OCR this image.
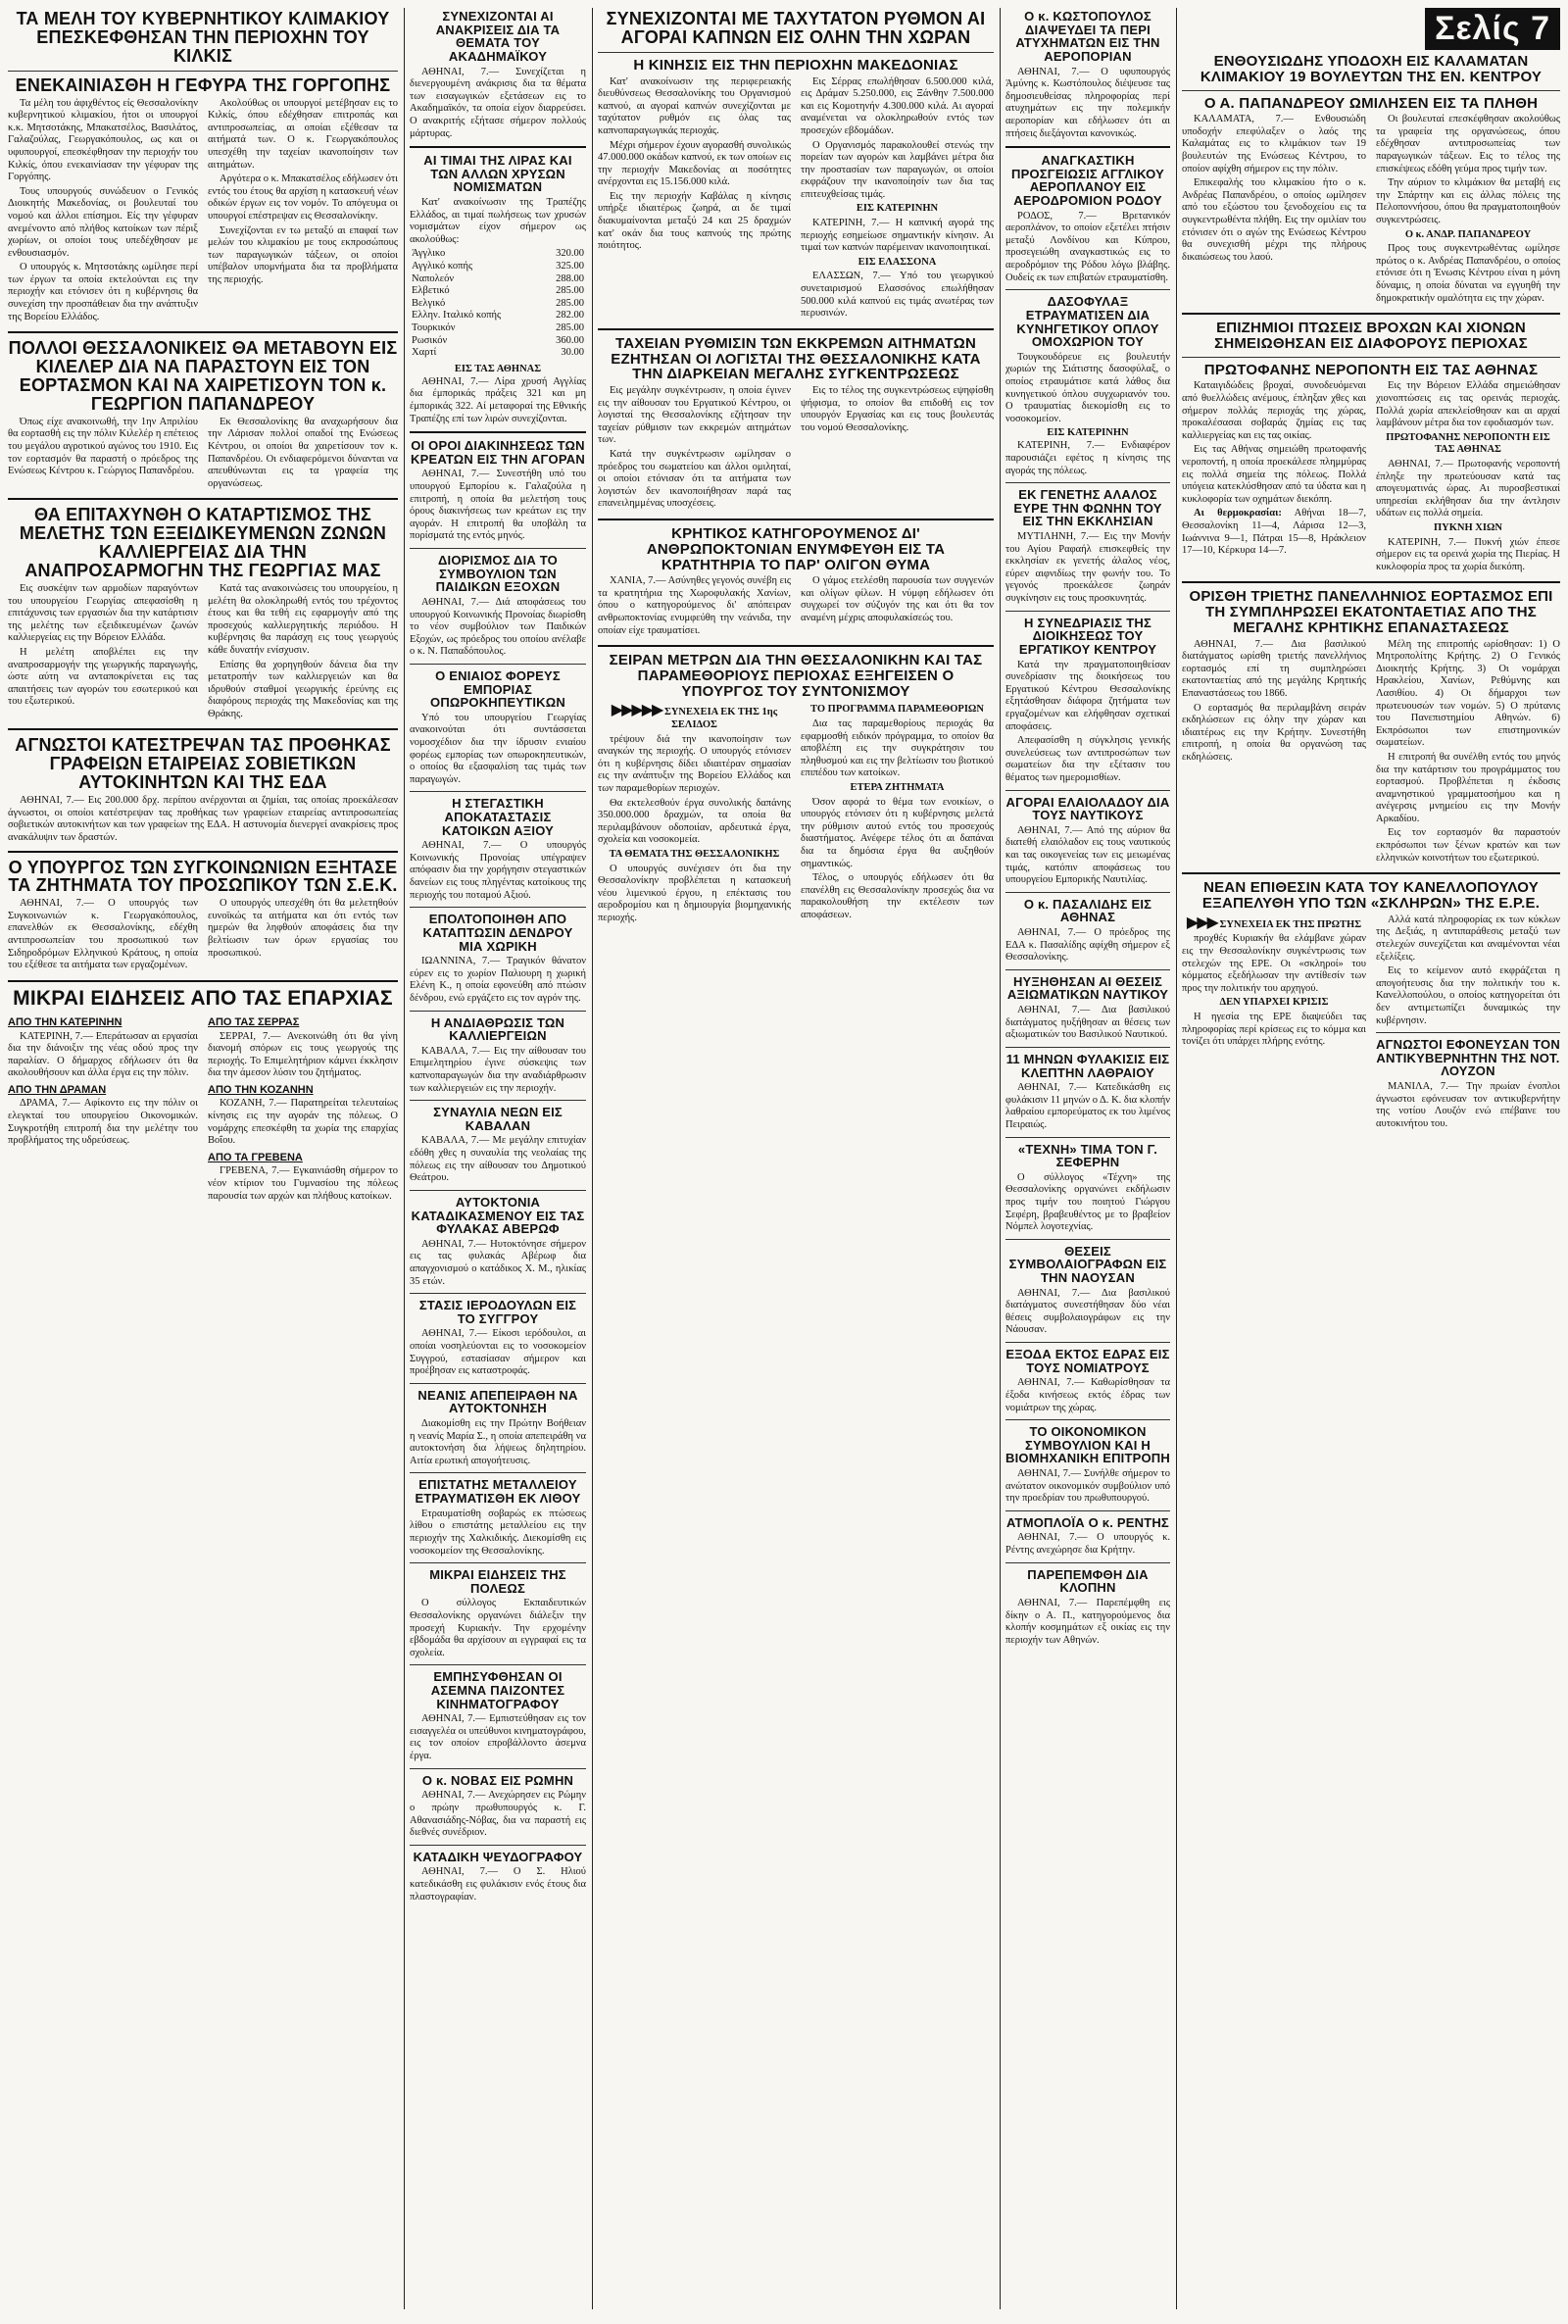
ΤΑ ΜΕΛΗ ΤΟΥ ΚΥΒΕΡΝΗΤΙΚΟΥ ΚΛΙΜΑΚΙΟΥ ΕΠΕΣΚΕΦΘΗΣΑΝ ΤΗΝ ΠΕΡΙΟΧΗΝ ΤΟΥ ΚΙΛΚΙΣ
ΕΝΕΚΑΙΝΙΑΣΘΗ Η ΓΕΦΥΡΑ ΤΗΣ ΓΟΡΓΟΠΗΣ

Τα μέλη του άφιχθέντος είς Θεσσαλονίκην κυβερνητικού κλιμακίου, ήτοι οι υπουργοί κ.κ. Μητσοτάκης, Μπακατσέλος, Βασιλάτος, Γαλαζούλας, Γεωργακόπουλος, ως και οι υφυπουργοί, επεσκέφθησαν την περιοχήν του Κιλκίς, όπου ενεκαινίασαν την γέφυραν της Γοργόπης.

Τους υπουργούς συνώδευον ο Γενικός Διοικητής Μακεδονίας, οι βουλευταί του νομού και άλλοι επίσημοι. Είς την γέφυραν ανεμένοντο από πλήθος κατοίκων των πέριξ χωρίων, οι οποίοι τους υπεδέχθησαν με ενθουσιασμόν.

Ο υπουργός κ. Μητσοτάκης ωμίλησε περί των έργων τα οποία εκτελούνται εις την περιοχήν και ετόνισεν ότι η κυβέρνησις θα συνεχίση την προσπάθειαν δια την ανάπτυξιν της Βορείου Ελλάδος.

Ακολούθως οι υπουργοί μετέβησαν εις το Κιλκίς, όπου εδέχθησαν επιτροπάς και αντιπροσωπείας, αι οποίαι εξέθεσαν τα αιτήματά των. Ο κ. Γεωργακόπουλος υπεσχέθη την ταχείαν ικανοποίησιν των αιτημάτων.

Αργότερα ο κ. Μπακατσέλος εδήλωσεν ότι εντός του έτους θα αρχίση η κατασκευή νέων οδικών έργων εις τον νομόν. Το απόγευμα οι υπουργοί επέστρεψαν εις Θεσσαλονίκην.

Συνεχίζονται εν τω μεταξύ αι επαφαί των μελών του κλιμακίου με τους εκπροσώπους των παραγωγικών τάξεων, οι οποίοι υπέβαλον υπομνήματα δια τα προβλήματα της περιοχής.

ΠΟΛΛΟΙ ΘΕΣΣΑΛΟΝΙΚΕΙΣ ΘΑ ΜΕΤΑΒΟΥΝ ΕΙΣ ΚΙΛΕΛΕΡ ΔΙΑ ΝΑ ΠΑΡΑΣΤΟΥΝ ΕΙΣ ΤΟΝ ΕΟΡΤΑΣΜΟΝ ΚΑΙ ΝΑ ΧΑΙΡΕΤΙΣΟΥΝ ΤΟΝ κ. ΓΕΩΡΓΙΟΝ ΠΑΠΑΝΔΡΕΟΥ

Όπως είχε ανακοινωθή, την 1ην Απριλίου θα εορτασθή εις την πόλιν Κιλελέρ η επέτειος του μεγάλου αγροτικού αγώνος του 1910. Εις τον εορτασμόν θα παραστή ο πρόεδρος της Ενώσεως Κέντρου κ. Γεώργιος Παπανδρέου.

Εκ Θεσσαλονίκης θα αναχωρήσουν δια την Λάρισαν πολλοί οπαδοί της Ενώσεως Κέντρου, οι οποίοι θα χαιρετίσουν τον κ. Παπανδρέου. Οι ενδιαφερόμενοι δύνανται να απευθύνωνται εις τα γραφεία της οργανώσεως.

ΘΑ ΕΠΙΤΑΧΥΝΘΗ Ο ΚΑΤΑΡΤΙΣΜΟΣ ΤΗΣ ΜΕΛΕΤΗΣ ΤΩΝ ΕΞΕΙΔΙΚΕΥΜΕΝΩΝ ΖΩΝΩΝ ΚΑΛΛΙΕΡΓΕΙΑΣ ΔΙΑ ΤΗΝ ΑΝΑΠΡΟΣΑΡΜΟΓΗΝ ΤΗΣ ΓΕΩΡΓΙΑΣ ΜΑΣ

Εις συσκέψιν των αρμοδίων παραγόντων του υπουργείου Γεωργίας απεφασίσθη η επιτάχυνσις των εργασιών δια την κατάρτισιν της μελέτης των εξειδικευμένων ζωνών καλλιεργείας εις την Βόρειον Ελλάδα.

Η μελέτη αποβλέπει εις την αναπροσαρμογήν της γεωργικής παραγωγής, ώστε αύτη να ανταποκρίνεται εις τας απαιτήσεις των αγορών του εσωτερικού και του εξωτερικού.

Κατά τας ανακοινώσεις του υπουργείου, η μελέτη θα ολοκληρωθή εντός του τρέχοντος έτους και θα τεθή εις εφαρμογήν από της προσεχούς καλλιεργητικής περιόδου. Η κυβέρνησις θα παράσχη εις τους γεωργούς κάθε δυνατήν ενίσχυσιν.

Επίσης θα χορηγηθούν δάνεια δια την μετατροπήν των καλλιεργειών και θα ιδρυθούν σταθμοί γεωργικής έρεύνης εις διαφόρους περιοχάς της Μακεδονίας και της Θράκης.

ΑΓΝΩΣΤΟΙ ΚΑΤΕΣΤΡΕΨΑΝ ΤΑΣ ΠΡΟΘΗΚΑΣ ΓΡΑΦΕΙΩΝ ΕΤΑΙΡΕΙΑΣ ΣΟΒΙΕΤΙΚΩΝ ΑΥΤΟΚΙΝΗΤΩΝ ΚΑΙ ΤΗΣ ΕΔΑ

ΑΘΗΝΑΙ, 7.— Εις 200.000 δρχ. περίπου ανέρχονται αι ζημίαι, τας οποίας προεκάλεσαν άγνωστοι, οι οποίοι κατέστρεψαν τας προθήκας των γραφείων εταιρείας αντιπροσωπείας σοβιετικών αυτοκινήτων και των γραφείων της ΕΔΑ. Η αστυνομία διενεργεί ανακρίσεις προς ανακάλυψιν των δραστών.

Ο ΥΠΟΥΡΓΟΣ ΤΩΝ ΣΥΓΚΟΙΝΩΝΙΩΝ ΕΞΗΤΑΣΕ ΤΑ ΖΗΤΗΜΑΤΑ ΤΟΥ ΠΡΟΣΩΠΙΚΟΥ ΤΩΝ Σ.Ε.Κ.

ΑΘΗΝΑΙ, 7.— Ο υπουργός των Συγκοινωνιών κ. Γεωργακόπουλος, επανελθών εκ Θεσσαλονίκης, εδέχθη αντιπροσωπείαν του προσωπικού των Σιδηροδρόμων Ελληνικού Κράτους, η οποία του εξέθεσε τα αιτήματα των εργαζομένων.

Ο υπουργός υπεσχέθη ότι θα μελετηθούν ευνοϊκώς τα αιτήματα και ότι εντός των ημερών θα ληφθούν αποφάσεις δια την βελτίωσιν των όρων εργασίας του προσωπικού.

ΜΙΚΡΑΙ ΕΙΔΗΣΕΙΣ ΑΠΟ ΤΑΣ ΕΠΑΡΧΙΑΣ
ΑΠΟ ΤΗΝ ΚΑΤΕΡΙΝΗΝ

ΚΑΤΕΡΙΝΗ, 7.— Επεράτωσαν αι εργασίαι δια την διάνοιξιν της νέας οδού προς την παραλίαν. Ο δήμαρχος εδήλωσεν ότι θα ακολουθήσουν και άλλα έργα εις την πόλιν.

ΑΠΟ ΤΗΝ ΔΡΑΜΑΝ

ΔΡΑΜΑ, 7.— Αφίκοντο εις την πόλιν οι ελεγκταί του υπουργείου Οικονομικών. Συγκροτήθη επιτροπή δια την μελέτην του προβλήματος της υδρεύσεως.

ΑΠΟ ΤΑΣ ΣΕΡΡΑΣ

ΣΕΡΡΑΙ, 7.— Ανεκοινώθη ότι θα γίνη διανομή σπόρων εις τους γεωργούς της περιοχής. Το Επιμελητήριον κάμνει έκκλησιν δια την άμεσον λύσιν του ζητήματος.

ΑΠΟ ΤΗΝ ΚΟΖΑΝΗΝ

ΚΟΖΑΝΗ, 7.— Παρατηρείται τελευταίως κίνησις εις την αγοράν της πόλεως. Ο νομάρχης επεσκέφθη τα χωρία της επαρχίας Βοΐου.

ΑΠΟ ΤΑ ΓΡΕΒΕΝΑ

ΓΡΕΒΕΝΑ, 7.— Εγκαινιάσθη σήμερον το νέον κτίριον του Γυμνασίου της πόλεως παρουσία των αρχών και πλήθους κατοίκων.

ΣΥΝΕΧΙΖΟΝΤΑΙ ΑΙ ΑΝΑΚΡΙΣΕΙΣ ΔΙΑ ΤΑ ΘΕΜΑΤΑ ΤΟΥ ΑΚΑΔΗΜΑΪΚΟΥ

ΑΘΗΝΑΙ, 7.— Συνεχίζεται η διενεργουμένη ανάκρισις δια τα θέματα των εισαγωγικών εξετάσεων εις το Ακαδημαϊκόν, τα οποία είχον διαρρεύσει. Ο ανακριτής εξήτασε σήμερον πολλούς μάρτυρας.

ΑΙ ΤΙΜΑΙ ΤΗΣ ΛΙΡΑΣ ΚΑΙ ΤΩΝ ΑΛΛΩΝ ΧΡΥΣΩΝ ΝΟΜΙΣΜΑΤΩΝ

Κατ' ανακοίνωσιν της Τραπέζης Ελλάδος, αι τιμαί πωλήσεως των χρυσών νομισμάτων είχον σήμερον ως ακολούθως:

Άγγλικο	320.00
Αγγλικό κοπής	325.00
Ναπολεόν	288.00
Ελβετικό	285.00
Βελγικό	285.00
Ελλην. Ιταλικό κοπής	282.00
Τουρκικόν	285.00
Ρωσικόν	360.00
Χαρτί	30.00
ΕΙΣ ΤΑΣ ΑΘΗΝΑΣ

ΑΘΗΝΑΙ, 7.— Λίρα χρυσή Αγγλίας δια έμπορικάς πράξεις 321 και μη έμπορικάς 322. Αί μεταφοραί της Εθνικής Τραπέζης επί των λιρών συνεχίζονται.

ΟΙ ΟΡΟΙ ΔΙΑΚΙΝΗΣΕΩΣ ΤΩΝ ΚΡΕΑΤΩΝ ΕΙΣ ΤΗΝ ΑΓΟΡΑΝ

ΑΘΗΝΑΙ, 7.— Συνεστήθη υπό του υπουργού Εμπορίου κ. Γαλαζούλα η επιτροπή, η οποία θα μελετήση τους όρους διακινήσεως των κρεάτων εις την αγοράν. Η επιτροπή θα υποβάλη τα πορίσματά της εντός μηνός.

ΔΙΟΡΙΣΜΟΣ ΔΙΑ ΤΟ ΣΥΜΒΟΥΛΙΟΝ ΤΩΝ ΠΑΙΔΙΚΩΝ ΕΞΟΧΩΝ

ΑΘΗΝΑΙ, 7.— Διά αποφάσεως του υπουργού Κοινωνικής Προνοίας διωρίσθη το νέον συμβούλιον των Παιδικών Εξοχών, ως πρόεδρος του οποίου ανέλαβε ο κ. Ν. Παπαδόπουλος.

Ο ΕΝΙΑΙΟΣ ΦΟΡΕΥΣ ΕΜΠΟΡΙΑΣ ΟΠΩΡΟΚΗΠΕΥΤΙΚΩΝ

Υπό του υπουργείου Γεωργίας ανακοινούται ότι συντάσσεται νομοσχέδιον δια την ίδρυσιν ενιαίου φορέως εμπορίας των οπωροκηπευτικών, ο οποίος θα εξασφαλίση τας τιμάς των παραγωγών.

Η ΣΤΕΓΑΣΤΙΚΗ ΑΠΟΚΑΤΑΣΤΑΣΙΣ ΚΑΤΟΙΚΩΝ ΑΞΙΟΥ

ΑΘΗΝΑΙ, 7.— Ο υπουργός Κοινωνικής Προνοίας υπέγραψεν απόφασιν δια την χορήγησιν στεγαστικών δανείων εις τους πληγέντας κατοίκους της περιοχής του ποταμού Αξιού.

ΕΠΟΛΤΟΠΟΙΗΘΗ ΑΠΟ ΚΑΤΑΠΤΩΣΙΝ ΔΕΝΔΡΟΥ ΜΙΑ ΧΩΡΙΚΗ

ΙΩΑΝΝΙΝΑ, 7.— Τραγικόν θάνατον εύρεν εις το χωρίον Παλιουρη η χωρική Ελένη Κ., η οποία εφονεύθη από πτώσιν δένδρου, ενώ εργάζετο εις τον αγρόν της.

Η ΑΝΔΙΑΘΡΩΣΙΣ ΤΩΝ ΚΑΛΛΙΕΡΓΕΙΩΝ

ΚΑΒΑΛΑ, 7.— Εις την αίθουσαν του Επιμελητηρίου έγινε σύσκεψις των καπνοπαραγωγών δια την αναδιάρθρωσιν των καλλιεργειών εις την περιοχήν.

ΣΥΝΑΥΛΙΑ ΝΕΩΝ ΕΙΣ ΚΑΒΑΛΑΝ

ΚΑΒΑΛΑ, 7.— Με μεγάλην επιτυχίαν εδόθη χθες η συναυλία της νεολαίας της πόλεως εις την αίθουσαν του Δημοτικού Θεάτρου.

ΑΥΤΟΚΤΟΝΙΑ ΚΑΤΑΔΙΚΑΣΜΕΝΟΥ ΕΙΣ ΤΑΣ ΦΥΛΑΚΑΣ ΑΒΕΡΩΦ

ΑΘΗΝΑΙ, 7.— Ηυτοκτόνησε σήμερον εις τας φυλακάς Αβέρωφ δια απαγχονισμού ο κατάδικος Χ. Μ., ηλικίας 35 ετών.

ΣΤΑΣΙΣ ΙΕΡΟΔΟΥΛΩΝ ΕΙΣ ΤΟ ΣΥΓΓΡΟΥ

ΑΘΗΝΑΙ, 7.— Είκοσι ιερόδουλοι, αι οποίαι νοσηλεύονται εις το νοσοκομείον Συγγρού, εστασίασαν σήμερον και προέβησαν εις καταστροφάς.

ΝΕΑΝΙΣ ΑΠΕΠΕΙΡΑΘΗ ΝΑ ΑΥΤΟΚΤΟΝΗΣΗ

Διακομίσθη εις την Πρώτην Βοήθειαν η νεανίς Μαρία Σ., η οποία απεπειράθη να αυτοκτονήση δια λήψεως δηλητηρίου. Αιτία ερωτική απογοήτευσις.

ΕΠΙΣΤΑΤΗΣ ΜΕΤΑΛΛΕΙΟΥ ΕΤΡΑΥΜΑΤΙΣΘΗ ΕΚ ΛΙΘΟΥ

Ετραυματίσθη σοβαρώς εκ πτώσεως λίθου ο επιστάτης μεταλλείου εις την περιοχήν της Χαλκιδικής. Διεκομίσθη εις νοσοκομείον της Θεσσαλονίκης.

ΜΙΚΡΑΙ ΕΙΔΗΣΕΙΣ ΤΗΣ ΠΟΛΕΩΣ

Ο σύλλογος Εκπαιδευτικών Θεσσαλονίκης οργανώνει διάλεξιν την προσεχή Κυριακήν. Την ερχομένην εβδομάδα θα αρχίσουν αι εγγραφαί εις τα σχολεία.

ΕΜΠΗΣΥΦΘΗΣΑΝ ΟΙ ΑΣΕΜΝΑ ΠΑΙΖΟΝΤΕΣ ΚΙΝΗΜΑΤΟΓΡΑΦΟΥ

ΑΘΗΝΑΙ, 7.— Εμπιστεύθησαν εις τον εισαγγελέα οι υπεύθυνοι κινηματογράφου, εις τον οποίον επροβάλλοντο άσεμνα έργα.

Ο κ. ΝΟΒΑΣ ΕΙΣ ΡΩΜΗΝ

ΑΘΗΝΑΙ, 7.— Ανεχώρησεν εις Ρώμην ο πρώην πρωθυπουργός κ. Γ. Αθανασιάδης-Νόβας, δια να παραστή εις διεθνές συνέδριον.

ΚΑΤΑΔΙΚΗ ΨΕΥΔΟΓΡΑΦΟΥ

ΑΘΗΝΑΙ, 7.— Ο Σ. Ηλιού κατεδικάσθη εις φυλάκισιν ενός έτους δια πλαστογραφίαν.

ΣΥΝΕΧΙΖΟΝΤΑΙ ΜΕ ΤΑΧΥΤΑΤΟΝ ΡΥΘΜΟΝ ΑΙ ΑΓΟΡΑΙ ΚΑΠΝΩΝ ΕΙΣ ΟΛΗΝ ΤΗΝ ΧΩΡΑΝ
Η ΚΙΝΗΣΙΣ ΕΙΣ ΤΗΝ ΠΕΡΙΟΧΗΝ ΜΑΚΕΔΟΝΙΑΣ

Κατ' ανακοίνωσιν της περιφερειακής διευθύνσεως Θεσσαλονίκης του Οργανισμού καπνού, αι αγοραί καπνών συνεχίζονται με ταχύτατον ρυθμόν εις όλας τας καπνοπαραγωγικάς περιοχάς.

Μέχρι σήμερον έχουν αγορασθή συνολικώς 47.000.000 οκάδων καπνού, εκ των οποίων εις την περιοχήν Μακεδονίας αι ποσότητες ανέρχονται εις 15.156.000 κιλά.

Εις την περιοχήν Καβάλας η κίνησις υπήρξε ιδιαιτέρως ζωηρά, αι δε τιμαί διακυμαίνονται μεταξύ 24 και 25 δραχμών κατ' οκάν δια τους καπνούς της πρώτης ποιότητος.

Εις Σέρρας επωλήθησαν 6.500.000 κιλά, εις Δράμαν 5.250.000, εις Ξάνθην 7.500.000 και εις Κομοτηνήν 4.300.000 κιλά. Αι αγοραί αναμένεται να ολοκληρωθούν εντός των προσεχών εβδομάδων.

Ο Οργανισμός παρακολουθεί στενώς την πορείαν των αγορών και λαμβάνει μέτρα δια την προστασίαν των παραγωγών, οι οποίοι εκφράζουν την ικανοποίησίν των δια τας επιτευχθείσας τιμάς.

ΕΙΣ ΚΑΤΕΡΙΝΗΝ

ΚΑΤΕΡΙΝΗ, 7.— Η καπνική αγορά της περιοχής εσημείωσε σημαντικήν κίνησιν. Αι τιμαί των καπνών παρέμειναν ικανοποιητικαί.

ΕΙΣ ΕΛΑΣΣΟΝΑ

ΕΛΑΣΣΩΝ, 7.— Υπό του γεωργικού συνεταιρισμού Ελασσόνος επωλήθησαν 500.000 κιλά καπνού εις τιμάς ανωτέρας των περυσινών.

ΤΑΧΕΙΑΝ ΡΥΘΜΙΣΙΝ ΤΩΝ ΕΚΚΡΕΜΩΝ ΑΙΤΗΜΑΤΩΝ ΕΖΗΤΗΣΑΝ ΟΙ ΛΟΓΙΣΤΑΙ ΤΗΣ ΘΕΣΣΑΛΟΝΙΚΗΣ ΚΑΤΑ ΤΗΝ ΔΙΑΡΚΕΙΑΝ ΜΕΓΑΛΗΣ ΣΥΓΚΕΝΤΡΩΣΕΩΣ

Εις μεγάλην συγκέντρωσιν, η οποία έγινεν εις την αίθουσαν του Εργατικού Κέντρου, οι λογισταί της Θεσσαλονίκης εζήτησαν την ταχείαν ρύθμισιν των εκκρεμών αιτημάτων των.

Κατά την συγκέντρωσιν ωμίλησαν ο πρόεδρος του σωματείου και άλλοι ομιληταί, οι οποίοι ετόνισαν ότι τα αιτήματα των λογιστών δεν ικανοποιήθησαν παρά τας επανειλημμένας υποσχέσεις.

Εις το τέλος της συγκεντρώσεως εψηφίσθη ψήφισμα, το οποίον θα επιδοθή εις τον υπουργόν Εργασίας και εις τους βουλευτάς του νομού Θεσσαλονίκης.

ΚΡΗΤΙΚΟΣ ΚΑΤΗΓΟΡΟΥΜΕΝΟΣ ΔΙ' ΑΝΘΡΩΠΟΚΤΟΝΙΑΝ ΕΝΥΜΦΕΥΘΗ ΕΙΣ ΤΑ ΚΡΑΤΗΤΗΡΙΑ ΤΟ ΠΑΡ' ΟΛΙΓΟΝ ΘΥΜΑ

ΧΑΝΙΑ, 7.— Ασύνηθες γεγονός συνέβη εις τα κρατητήρια της Χωροφυλακής Χανίων, όπου ο κατηγορούμενος δι' απόπειραν ανθρωποκτονίας ενυμφεύθη την νεάνιδα, την οποίαν είχε τραυματίσει.

Ο γάμος ετελέσθη παρουσία των συγγενών και ολίγων φίλων. Η νύμφη εδήλωσεν ότι συγχωρεί τον σύζυγόν της και ότι θα τον αναμένη μέχρις αποφυλακίσεώς του.

ΣΕΙΡΑΝ ΜΕΤΡΩΝ ΔΙΑ ΤΗΝ ΘΕΣΣΑΛΟΝΙΚΗΝ ΚΑΙ ΤΑΣ ΠΑΡΑΜΕΘΟΡΙΟΥΣ ΠΕΡΙΟΧΑΣ ΕΞΗΓΕΙΣΕΝ Ο ΥΠΟΥΡΓΟΣ ΤΟΥ ΣΥΝΤΟΝΙΣΜΟΥ
▶▶▶▶▶ ΣΥΝΕΧΕΙΑ ΕΚ ΤΗΣ 1ης ΣΕΛΙΔΟΣ

τρέψουν διά την ικανοποίησιν των αναγκών της περιοχής. Ο υπουργός ετόνισεν ότι η κυβέρνησις δίδει ιδιαιτέραν σημασίαν εις την ανάπτυξιν της Βορείου Ελλάδος και των παραμεθορίων περιοχών.

Θα εκτελεσθούν έργα συνολικής δαπάνης 350.000.000 δραχμών, τα οποία θα περιλαμβάνουν οδοποιίαν, αρδευτικά έργα, σχολεία και νοσοκομεία.

ΤΑ ΘΕΜΑΤΑ ΤΗΣ ΘΕΣΣΑΛΟΝΙΚΗΣ

Ο υπουργός συνέχισεν ότι δια την Θεσσαλονίκην προβλέπεται η κατασκευή νέου λιμενικού έργου, η επέκτασις του αεροδρομίου και η δημιουργία βιομηχανικής περιοχής.

ΤΟ ΠΡΟΓΡΑΜΜΑ ΠΑΡΑΜΕΘΟΡΙΩΝ

Δια τας παραμεθορίους περιοχάς θα εφαρμοσθή ειδικόν πρόγραμμα, το οποίον θα αποβλέπη εις την συγκράτησιν του πληθυσμού και εις την βελτίωσιν του βιοτικού επιπέδου των κατοίκων.

ΕΤΕΡΑ ΖΗΤΗΜΑΤΑ

Όσον αφορά το θέμα των ενοικίων, ο υπουργός ετόνισεν ότι η κυβέρνησις μελετά την ρύθμισιν αυτού εντός του προσεχούς διαστήματος. Ανέφερε τέλος ότι αι δαπάναι δια τα δημόσια έργα θα αυξηθούν σημαντικώς.

Τέλος, ο υπουργός εδήλωσεν ότι θα επανέλθη εις Θεσσαλονίκην προσεχώς δια να παρακολουθήση την εκτέλεσιν των αποφάσεων.

Ο κ. ΚΩΣΤΟΠΟΥΛΟΣ ΔΙΑΨΕΥΔΕΙ ΤΑ ΠΕΡΙ ΑΤΥΧΗΜΑΤΩΝ ΕΙΣ ΤΗΝ ΑΕΡΟΠΟΡΙΑΝ

ΑΘΗΝΑΙ, 7.— Ο υφυπουργός Άμύνης κ. Κωστόπουλος διέψευσε τας δημοσιευθείσας πληροφορίας περί ατυχημάτων εις την πολεμικήν αεροπορίαν και εδήλωσεν ότι αι πτήσεις διεξάγονται κανονικώς.

ΑΝΑΓΚΑΣΤΙΚΗ ΠΡΟΣΓΕΙΩΣΙΣ ΑΓΓΛΙΚΟΥ ΑΕΡΟΠΛΑΝΟΥ ΕΙΣ ΑΕΡΟΔΡΟΜΙΟΝ ΡΟΔΟΥ

ΡΟΔΟΣ, 7.— Βρετανικόν αεροπλάνον, το οποίον εξετέλει πτήσιν μεταξύ Λονδίνου και Κύπρου, προσεγειώθη αναγκαστικώς εις το αεροδρόμιον της Ρόδου λόγω βλάβης. Ουδείς εκ των επιβατών ετραυματίσθη.

ΔΑΣΟΦΥΛΑΞ ΕΤΡΑΥΜΑΤΙΣΕΝ ΔΙΑ ΚΥΝΗΓΕΤΙΚΟΥ ΟΠΛΟΥ ΟΜΟΧΩΡΙΟΝ ΤΟΥ

Τουγκουδόρευε εις βουλευτήν χωριών της Σιάτιστης δασοφύλαξ, ο οποίος ετραυμάτισε κατά λάθος δια κυνηγετικού όπλου συγχωριανόν του. Ο τραυματίας διεκομίσθη εις το νοσοκομείον.

ΕΙΣ ΚΑΤΕΡΙΝΗΝ

ΚΑΤΕΡΙΝΗ, 7.— Ενδιαφέρον παρουσιάζει εφέτος η κίνησις της αγοράς της πόλεως.

ΕΚ ΓΕΝΕΤΗΣ ΑΛΑΛΟΣ ΕΥΡΕ ΤΗΝ ΦΩΝΗΝ ΤΟΥ ΕΙΣ ΤΗΝ ΕΚΚΛΗΣΙΑΝ

ΜΥΤΙΛΗΝΗ, 7.— Εις την Μονήν του Αγίου Ραφαήλ επισκεφθείς την εκκλησίαν εκ γενετής άλαλος νέος, εύρεν αιφνιδίως την φωνήν του. Το γεγονός προεκάλεσε ζωηράν συγκίνησιν εις τους προσκυνητάς.

Η ΣΥΝΕΔΡΙΑΣΙΣ ΤΗΣ ΔΙΟΙΚΗΣΕΩΣ ΤΟΥ ΕΡΓΑΤΙΚΟΥ ΚΕΝΤΡΟΥ

Κατά την πραγματοποιηθείσαν συνεδρίασιν της διοικήσεως του Εργατικού Κέντρου Θεσσαλονίκης εξητάσθησαν διάφορα ζητήματα των εργαζομένων και ελήφθησαν σχετικαί αποφάσεις.

Απεφασίσθη η σύγκλησις γενικής συνελεύσεως των αντιπροσώπων των σωματείων δια την εξέτασιν του θέματος των ημερομισθίων.

ΑΓΟΡΑΙ ΕΛΑΙΟΛΑΔΟΥ ΔΙΑ ΤΟΥΣ ΝΑΥΤΙΚΟΥΣ

ΑΘΗΝΑΙ, 7.— Από της αύριον θα διατεθή ελαιόλαδον εις τους ναυτικούς και τας οικογενείας των εις μειωμένας τιμάς, κατόπιν αποφάσεως του υπουργείου Εμπορικής Ναυτιλίας.

Ο κ. ΠΑΣΑΛΙΔΗΣ ΕΙΣ ΑΘΗΝΑΣ

ΑΘΗΝΑΙ, 7.— Ο πρόεδρος της ΕΔΑ κ. Πασαλίδης αφίχθη σήμερον εξ Θεσσαλονίκης.

ΗΥΞΗΘΗΣΑΝ ΑΙ ΘΕΣΕΙΣ ΑΞΙΩΜΑΤΙΚΩΝ ΝΑΥΤΙΚΟΥ

ΑΘΗΝΑΙ, 7.— Δια βασιλικού διατάγματος ηυξήθησαν αι θέσεις των αξιωματικών του Βασιλικού Ναυτικού.

11 ΜΗΝΩΝ ΦΥΛΑΚΙΣΙΣ ΕΙΣ ΚΛΕΠΤΗΝ ΛΑΘΡΑΙΟΥ

ΑΘΗΝΑΙ, 7.— Κατεδικάσθη εις φυλάκισιν 11 μηνών ο Δ. Κ. δια κλοπήν λαθραίου εμπορεύματος εκ του λιμένος Πειραιώς.

«ΤΕΧΝΗ» ΤΙΜΑ ΤΟΝ Γ. ΣΕΦΕΡΗΝ

Ο σύλλογος «Τέχνη» της Θεσσαλονίκης οργανώνει εκδήλωσιν προς τιμήν του ποιητού Γιώργου Σεφέρη, βραβευθέντος με το βραβείον Νόμπελ λογοτεχνίας.

ΘΕΣΕΙΣ ΣΥΜΒΟΛΑΙΟΓΡΑΦΩΝ ΕΙΣ ΤΗΝ ΝΑΟΥΣΑΝ

ΑΘΗΝΑΙ, 7.— Δια βασιλικού διατάγματος συνεστήθησαν δύο νέαι θέσεις συμβολαιογράφων εις την Νάουσαν.

ΕΞΟΔΑ ΕΚΤΟΣ ΕΔΡΑΣ ΕΙΣ ΤΟΥΣ ΝΟΜΙΑΤΡΟΥΣ

ΑΘΗΝΑΙ, 7.— Καθωρίσθησαν τα έξοδα κινήσεως εκτός έδρας των νομιάτρων της χώρας.

ΤΟ ΟΙΚΟΝΟΜΙΚΟΝ ΣΥΜΒΟΥΛΙΟΝ ΚΑΙ Η ΒΙΟΜΗΧΑΝΙΚΗ ΕΠΙΤΡΟΠΗ

ΑΘΗΝΑΙ, 7.— Συνήλθε σήμερον το ανώτατον οικονομικόν συμβούλιον υπό την προεδρίαν του πρωθυπουργού.

ΑΤΜΟΠΛΟΪΑ Ο κ. ΡΕΝΤΗΣ

ΑΘΗΝΑΙ, 7.— Ο υπουργός κ. Ρέντης ανεχώρησε δια Κρήτην.

ΠΑΡΕΠΕΜΦΘΗ ΔΙΑ ΚΛΟΠΗΝ

ΑΘΗΝΑΙ, 7.— Παρεπέμφθη εις δίκην ο Α. Π., κατηγορούμενος δια κλοπήν κοσμημάτων εξ οικίας εις την περιοχήν των Αθηνών.

Σελίς 7
ΕΝΘΟΥΣΙΩΔΗΣ ΥΠΟΔΟΧΗ ΕΙΣ ΚΑΛΑΜΑΤΑΝ ΚΛΙΜΑΚΙΟΥ 19 ΒΟΥΛΕΥΤΩΝ ΤΗΣ ΕΝ. ΚΕΝΤΡΟΥ
Ο Α. ΠΑΠΑΝΔΡΕΟΥ ΩΜΙΛΗΣΕΝ ΕΙΣ ΤΑ ΠΛΗΘΗ

ΚΑΛΑΜΑΤΑ, 7.— Ενθουσιώδη υποδοχήν επεφύλαξεν ο λαός της Καλαμάτας εις το κλιμάκιον των 19 βουλευτών της Ενώσεως Κέντρου, το οποίον αφίχθη σήμερον εις την πόλιν.

Επικεφαλής του κλιμακίου ήτο ο κ. Ανδρέας Παπανδρέου, ο οποίος ωμίλησεν από του εξώστου του ξενοδοχείου εις τα συγκεντρωθέντα πλήθη. Εις την ομιλίαν του ετόνισεν ότι ο αγών της Ενώσεως Κέντρου θα συνεχισθή μέχρι της πλήρους δικαιώσεως του λαού.

Οι βουλευταί επεσκέφθησαν ακολούθως τα γραφεία της οργανώσεως, όπου εδέχθησαν αντιπροσωπείας των παραγωγικών τάξεων. Εις το τέλος της επισκέψεως εδόθη γεύμα προς τιμήν των.

Την αύριον το κλιμάκιον θα μεταβή εις την Σπάρτην και εις άλλας πόλεις της Πελοποννήσου, όπου θα πραγματοποιηθούν συγκεντρώσεις.

Ο κ. ΑΝΔΡ. ΠΑΠΑΝΔΡΕΟΥ

Προς τους συγκεντρωθέντας ωμίλησε πρώτος ο κ. Ανδρέας Παπανδρέου, ο οποίος ετόνισε ότι η Ένωσις Κέντρου είναι η μόνη δύναμις, η οποία δύναται να εγγυηθή την δημοκρατικήν ομαλότητα εις την χώραν.

ΕΠΙΖΗΜΙΟΙ ΠΤΩΣΕΙΣ ΒΡΟΧΩΝ ΚΑΙ ΧΙΟΝΩΝ ΣΗΜΕΙΩΘΗΣΑΝ ΕΙΣ ΔΙΑΦΟΡΟΥΣ ΠΕΡΙΟΧΑΣ
ΠΡΩΤΟΦΑΝΗΣ ΝΕΡΟΠΟΝΤΗ ΕΙΣ ΤΑΣ ΑΘΗΝΑΣ

Καταιγιδώδεις βροχαί, συνοδευόμεναι από θυελλώδεις ανέμους, έπληξαν χθες και σήμερον πολλάς περιοχάς της χώρας, προκαλέσασαι σοβαράς ζημίας εις τας καλλιεργείας και εις τας οικίας.

Εις τας Αθήνας σημειώθη πρωτοφανής νεροποντή, η οποία προεκάλεσε πλημμύρας εις πολλά σημεία της πόλεως. Πολλά υπόγεια κατεκλύσθησαν από τα ύδατα και η κυκλοφορία των οχημάτων διεκόπη.

Αι θερμοκρασίαι: Αθήναι 18—7, Θεσσαλονίκη 11—4, Λάρισα 12—3, Ιωάννινα 9—1, Πάτραι 15—8, Ηράκλειον 17—10, Κέρκυρα 14—7.

Εις την Βόρειον Ελλάδα σημειώθησαν χιονοπτώσεις εις τας ορεινάς περιοχάς. Πολλά χωρία απεκλείσθησαν και αι αρχαί λαμβάνουν μέτρα δια τον εφοδιασμόν των.

ΠΡΩΤΟΦΑΝΗΣ ΝΕΡΟΠΟΝΤΗ ΕΙΣ ΤΑΣ ΑΘΗΝΑΣ

ΑΘΗΝΑΙ, 7.— Πρωτοφανής νεροποντή έπληξε την πρωτεύουσαν κατά τας απογευματινάς ώρας. Αι πυροσβεστικαί υπηρεσίαι εκλήθησαν δια την άντλησιν υδάτων εις πολλά σημεία.

ΠΥΚΝΗ ΧΙΩΝ

ΚΑΤΕΡΙΝΗ, 7.— Πυκνή χιών έπεσε σήμερον εις τα ορεινά χωρία της Πιερίας. Η κυκλοφορία προς τα χωρία διεκόπη.

ΟΡΙΣΘΗ ΤΡΙΕΤΗΣ ΠΑΝΕΛΛΗΝΙΟΣ ΕΟΡΤΑΣΜΟΣ ΕΠΙ ΤΗ ΣΥΜΠΛΗΡΩΣΕΙ ΕΚΑΤΟΝΤΑΕΤΙΑΣ ΑΠΟ ΤΗΣ ΜΕΓΑΛΗΣ ΚΡΗΤΙΚΗΣ ΕΠΑΝΑΣΤΑΣΕΩΣ

ΑΘΗΝΑΙ, 7.— Δια βασιλικού διατάγματος ωρίσθη τριετής πανελλήνιος εορτασμός επί τη συμπληρώσει εκατονταετίας από της μεγάλης Κρητικής Επαναστάσεως του 1866.

Ο εορτασμός θα περιλαμβάνη σειράν εκδηλώσεων εις όλην την χώραν και ιδιαιτέρως εις την Κρήτην. Συνεστήθη επιτροπή, η οποία θα οργανώση τας εκδηλώσεις.

Μέλη της επιτροπής ωρίσθησαν: 1) Ο Μητροπολίτης Κρήτης. 2) Ο Γενικός Διοικητής Κρήτης. 3) Οι νομάρχαι Ηρακλείου, Χανίων, Ρεθύμνης και Λασιθίου. 4) Οι δήμαρχοι των πρωτευουσών των νομών. 5) Ο πρύτανις του Πανεπιστημίου Αθηνών. 6) Εκπρόσωποι των επιστημονικών σωματείων.

Η επιτροπή θα συνέλθη εντός του μηνός δια την κατάρτισιν του προγράμματος του εορτασμού. Προβλέπεται η έκδοσις αναμνηστικού γραμματοσήμου και η ανέγερσις μνημείου εις την Μονήν Αρκαδίου.

Εις τον εορτασμόν θα παραστούν εκπρόσωποι των ξένων κρατών και των ελληνικών κοινοτήτων του εξωτερικού.

ΝΕΑΝ ΕΠΙΘΕΣΙΝ ΚΑΤΑ ΤΟΥ ΚΑΝΕΛΛΟΠΟΥΛΟΥ ΕΞΑΠΕΛΥΘΗ ΥΠΟ ΤΩΝ «ΣΚΛΗΡΩΝ» ΤΗΣ Ε.Ρ.Ε.
▶▶▶ ΣΥΝΕΧΕΙΑ ΕΚ ΤΗΣ ΠΡΩΤΗΣ

προχθές Κυριακήν θα ελάμβανε χώραν εις την Θεσσαλονίκην συγκέντρωσις των στελεχών της ΕΡΕ. Οι «σκληροί» του κόμματος εξεδήλωσαν την αντίθεσίν των προς την πολιτικήν του αρχηγού.

ΔΕΝ ΥΠΑΡΧΕΙ ΚΡΙΣΙΣ

Η ηγεσία της ΕΡΕ διαψεύδει τας πληροφορίας περί κρίσεως εις το κόμμα και τονίζει ότι υπάρχει πλήρης ενότης.

Αλλά κατά πληροφορίας εκ των κύκλων της Δεξιάς, η αντιπαράθεσις μεταξύ των στελεχών συνεχίζεται και αναμένονται νέαι εξελίξεις.

Εις το κείμενον αυτό εκφράζεται η απογοήτευσις δια την πολιτικήν του κ. Κανελλοπούλου, ο οποίος κατηγορείται ότι δεν αντιμετωπίζει δυναμικώς την κυβέρνησιν.

ΑΓΝΩΣΤΟΙ ΕΦΟΝΕΥΣΑΝ ΤΟΝ ΑΝΤΙΚΥΒΕΡΝΗΤΗΝ ΤΗΣ ΝΟΤ. ΛΟΥΖΟΝ

ΜΑΝΙΛΑ, 7.— Την πρωίαν ένοπλοι άγνωστοι εφόνευσαν τον αντικυβερνήτην της νοτίου Λουζόν ενώ επέβαινε του αυτοκινήτου του.
